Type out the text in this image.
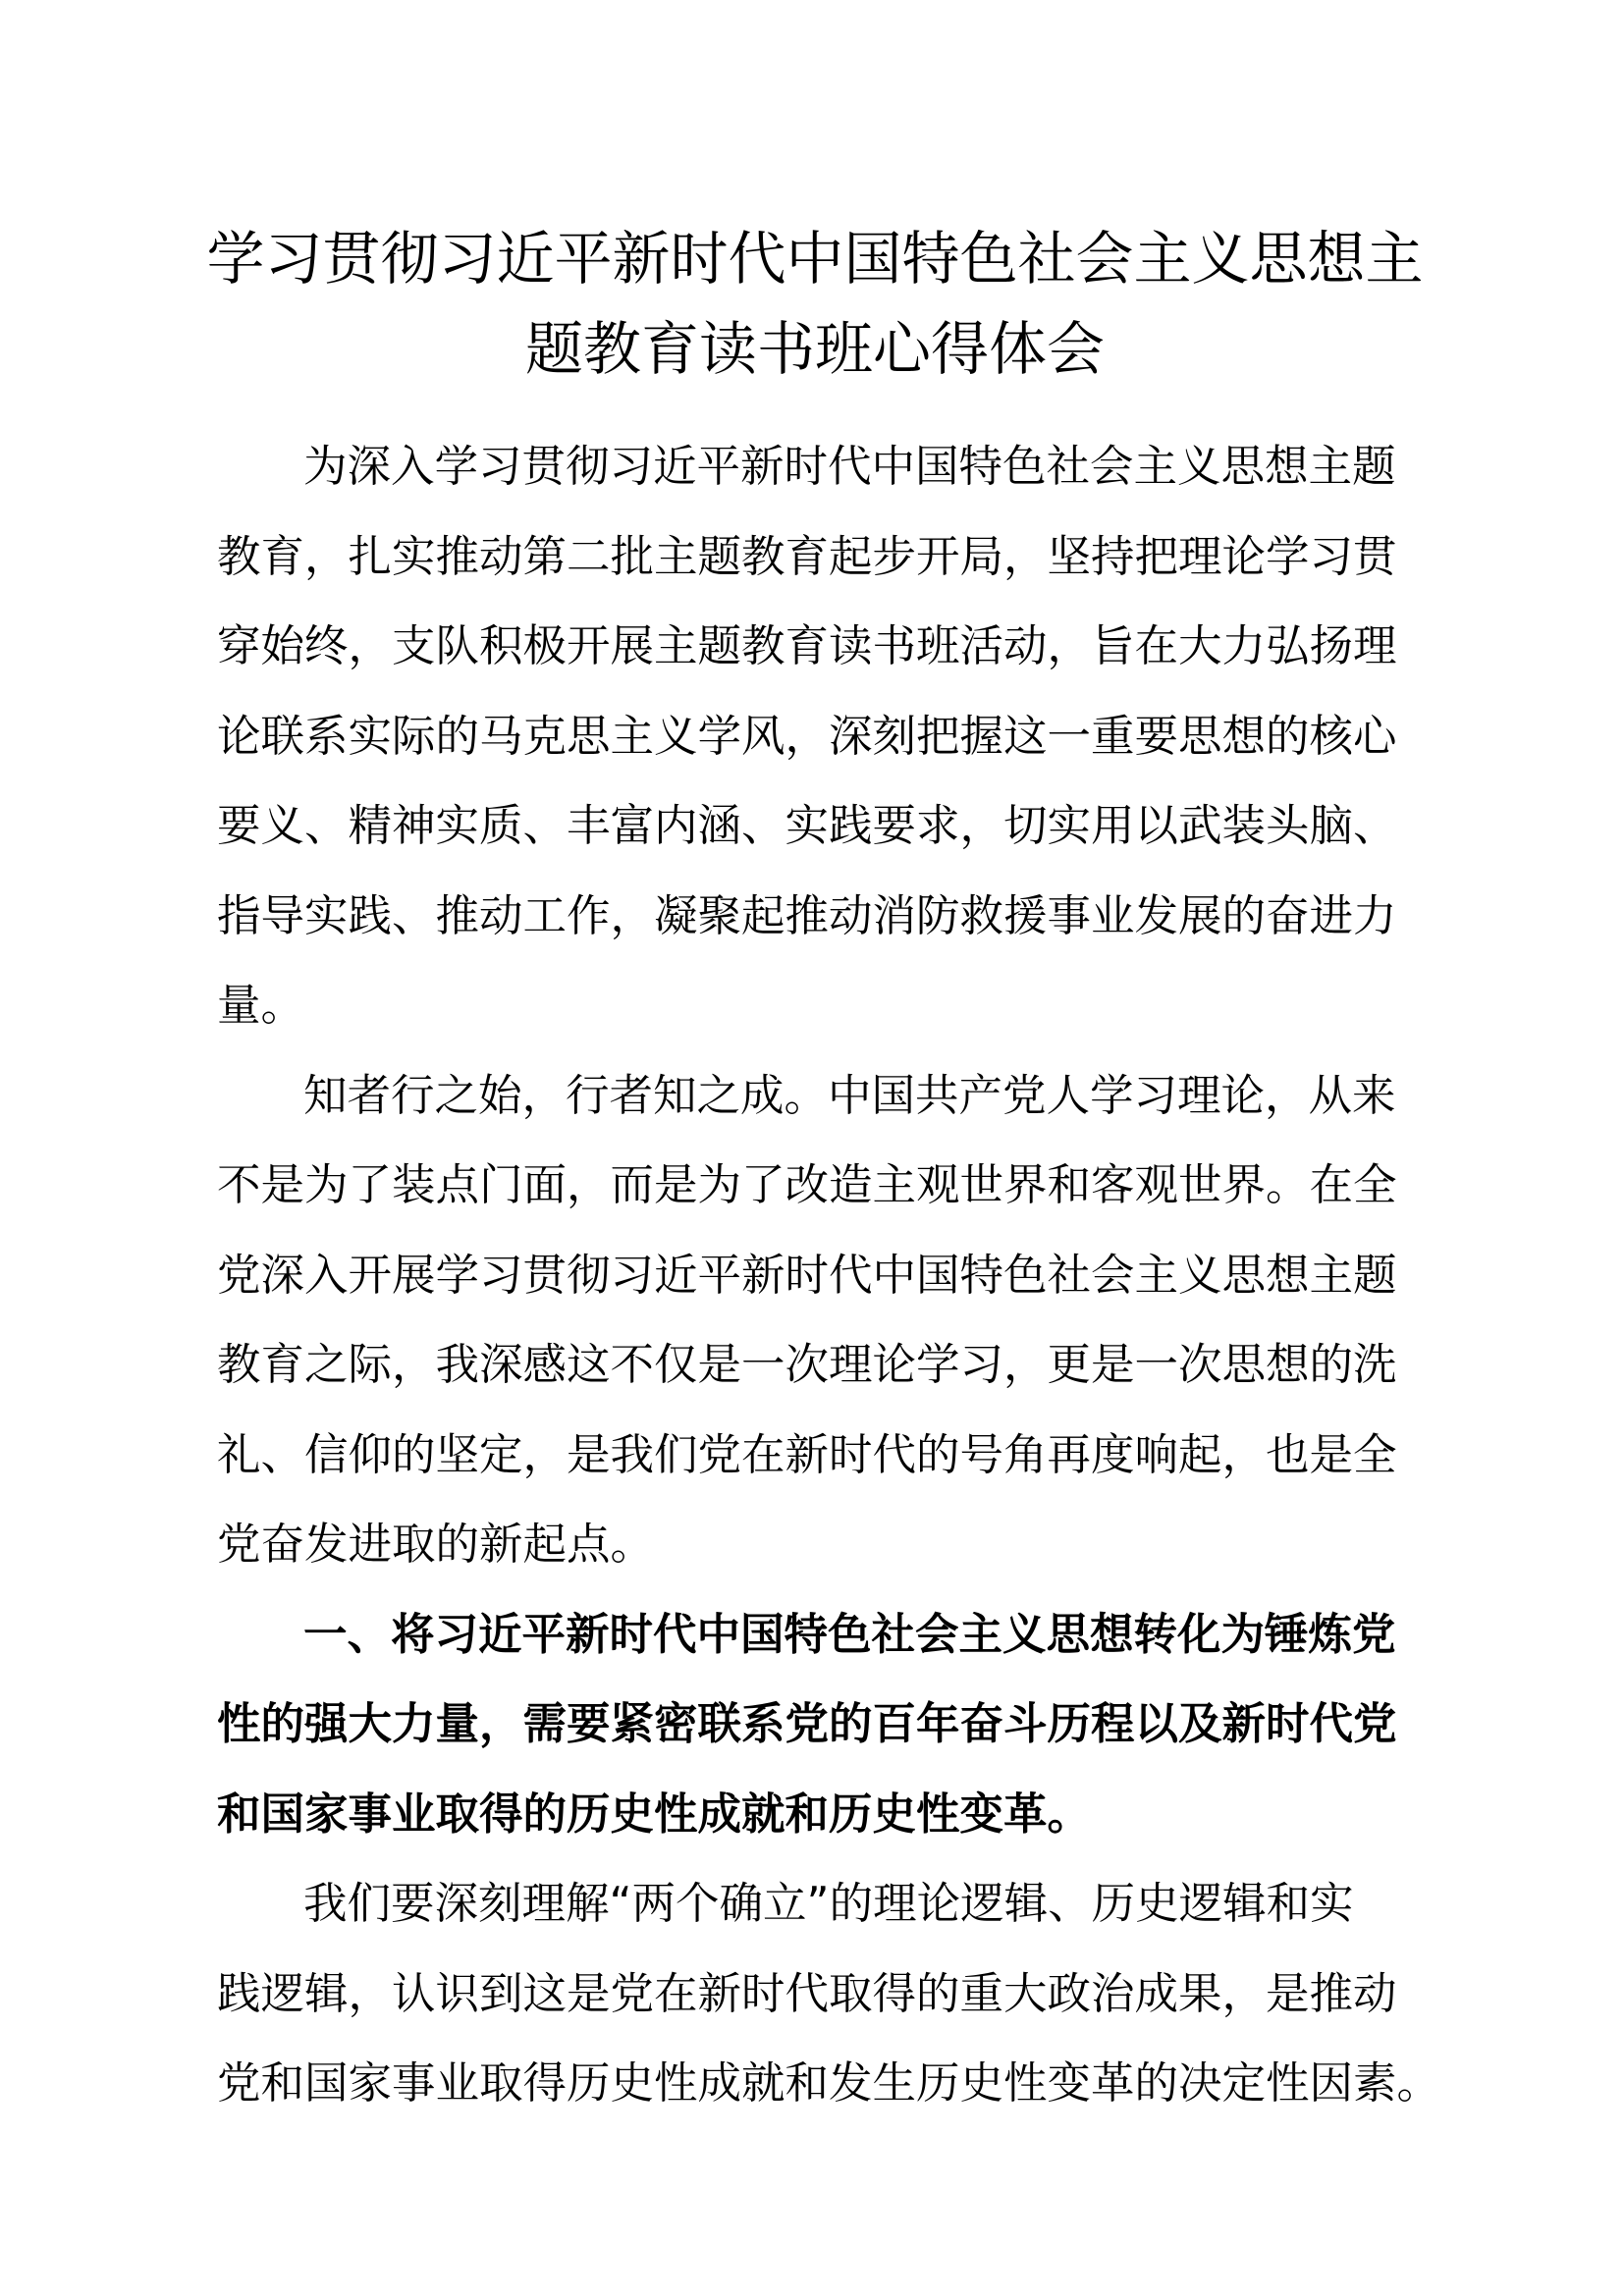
学习贯彻习近平新时代中国特色社会主义思想主
题教育读书班心得体会

为深入学习贯彻习近平新时代中国特色社会主义思想主题
教育，扎实推动第二批主题教育起步开局，坚持把理论学习贯
穿始终，支队积极开展主题教育读书班活动，旨在大力弘扬理
论联系实际的马克思主义学风，深刻把握这一重要思想的核心
要义、精神实质、丰富内涵、实践要求，切实用以武装头脑、
指导实践、推动工作，凝聚起推动消防救援事业发展的奋进力
量。

知者行之始，行者知之成。中国共产党人学习理论，从来
不是为了装点门面，而是为了改造主观世界和客观世界。在全
党深入开展学习贯彻习近平新时代中国特色社会主义思想主题
教育之际，我深感这不仅是一次理论学习，更是一次思想的洗
礼、信仰的坚定，是我们党在新时代的号角再度响起，也是全
党奋发进取的新起点。

一、将习近平新时代中国特色社会主义思想转化为锤炼党
性的强大力量，需要紧密联系党的百年奋斗历程以及新时代党
和国家事业取得的历史性成就和历史性变革。

我们要深刻理解“两个确立”的理论逻辑、历史逻辑和实
践逻辑，认识到这是党在新时代取得的重大政治成果，是推动
党和国家事业取得历史性成就和发生历史性变革的决定性因素。
